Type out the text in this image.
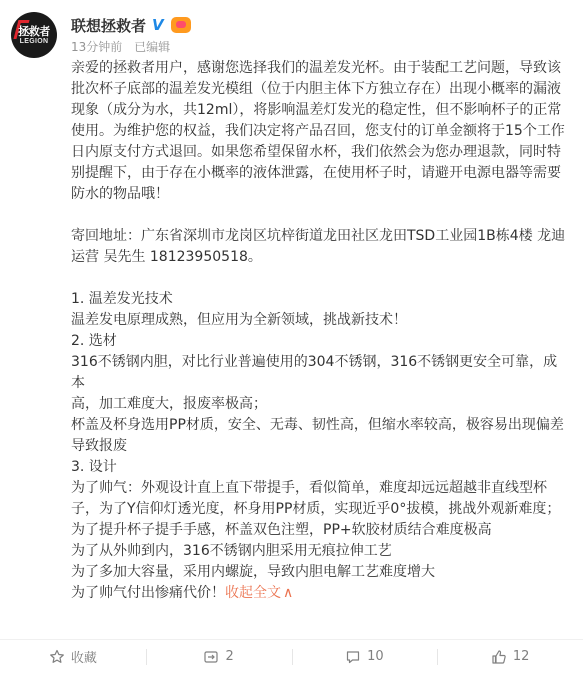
拯救者
LEGION
联想拯救者 V
13分钟前 已编辑

亲爱的拯救者用户，感谢您选择我们的温差发光杯。由于装配工艺问题，导致该
批次杯子底部的温差发光模组（位于内胆主体下方独立存在）出现小概率的漏液
现象（成分为水，共12ml），将影响温差灯发光的稳定性，但不影响杯子的正常
使用。为维护您的权益，我们决定将产品召回，您支付的订单金额将于15个工作
日内原支付方式退回。如果您希望保留水杯，我们依然会为您办理退款，同时特
别提醒下，由于存在小概率的液体泄露，在使用杯子时，请避开电源电器等需要
防水的物品哦！

寄回地址：广东省深圳市龙岗区坑梓街道龙田社区龙田TSD工业园1B栋4楼 龙迪
运营 吴先生 18123950518。

1. 温差发光技术
温差发电原理成熟，但应用为全新领域，挑战新技术！
2. 选材
316不锈钢内胆，对比行业普遍使用的304不锈钢，316不锈钢更安全可靠，成本
高，加工难度大，报废率极高；
杯盖及杯身选用PP材质，安全、无毒、韧性高，但缩水率较高，极容易出现偏差
导致报废
3. 设计
为了帅气：外观设计直上直下带提手，看似简单，难度却远远超越非直线型杯
子，为了Y信仰灯透光度，杯身用PP材质，实现近乎0°拔模，挑战外观新难度；
为了提升杯子提手手感，杯盖双色注塑，PP+软胶材质结合难度极高
为了从外帅到内，316不锈钢内胆采用无痕拉伸工艺
为了多加大容量，采用内螺旋，导致内胆电解工艺难度增大
为了帅气付出惨痛代价！收起全文 ∧
收藏	2	10	12
